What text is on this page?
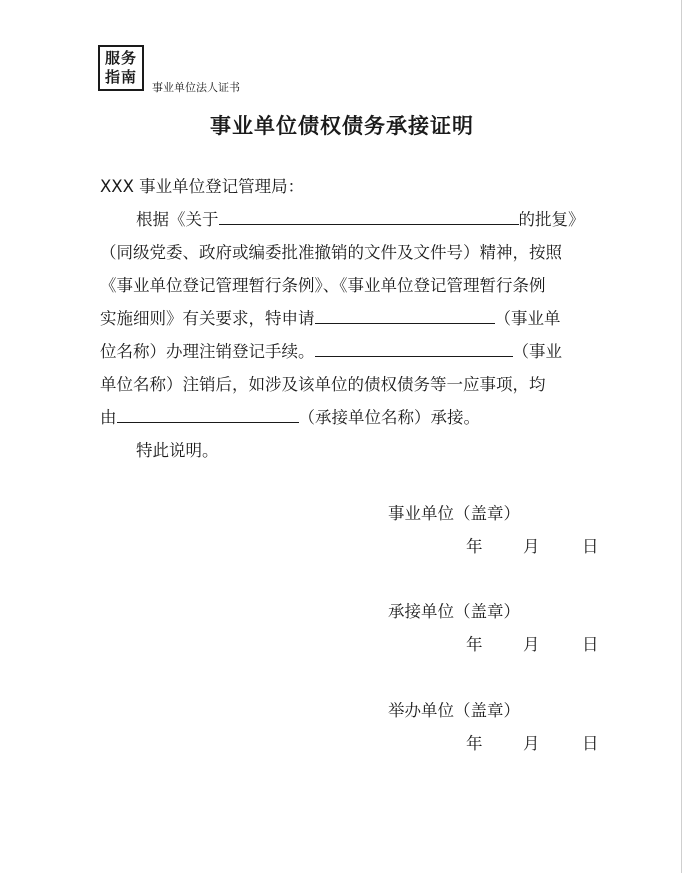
服务
指南
事业单位法人证书
事业单位债权债务承接证明
XXX 事业单位登记管理局：
根据《关于	的批复》
（同级党委、政府或编委批准撤销的文件及文件号）精神，按照
《事业单位登记管理暂行条例》、《事业单位登记管理暂行条例
实施细则》有关要求，特申请	（事业单
位名称）办理注销登记手续。	（事业
单位名称）注销后，如涉及该单位的债权债务等一应事项，均
由	（承接单位名称）承接。
特此说明。
事业单位（盖章）
年 月	日
承接单位（盖章）
年 月	日
举办单位（盖章）
年 月	日
